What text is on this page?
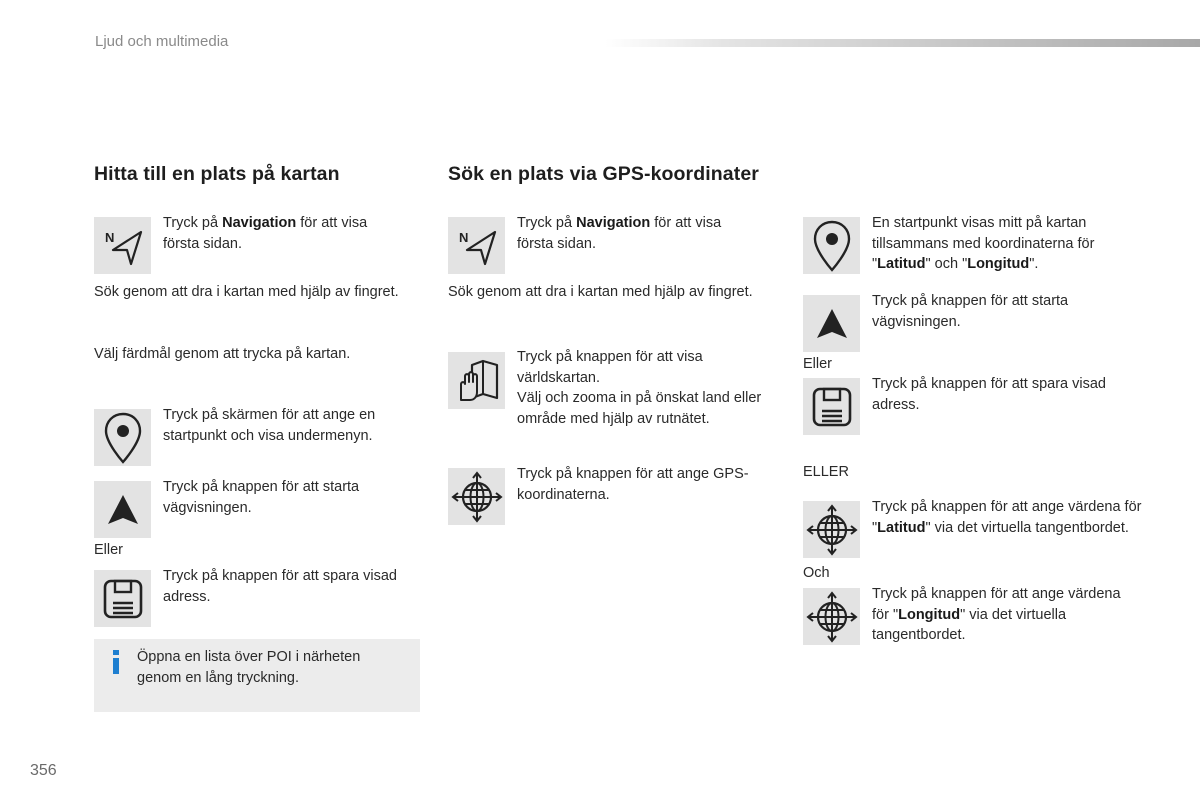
Ljud och multimedia
Hitta till en plats på kartan	Sök en plats via GPS-koordinater
N
Tryck på Navigation för att visa första sidan.
Sök genom att dra i kartan med hjälp av fingret.
Välj färdmål genom att trycka på kartan.
Tryck på skärmen för att ange en startpunkt och visa undermenyn.
Tryck på knappen för att starta vägvisningen.
Eller
Tryck på knappen för att spara visad adress.
Öppna en lista över POI i närheten genom en lång tryckning.
N
Tryck på Navigation för att visa första sidan.
Sök genom att dra i kartan med hjälp av fingret.
Tryck på knappen för att visa världskartan.
Välj och zooma in på önskat land eller område med hjälp av rutnätet.
Tryck på knappen för att ange GPS-koordinaterna.
En startpunkt visas mitt på kartan tillsammans med koordinaterna för "Latitud" och "Longitud".
Tryck på knappen för att starta vägvisningen.
Eller
Tryck på knappen för att spara visad adress.
ELLER
Tryck på knappen för att ange värdena för "Latitud" via det virtuella tangentbordet.
Och
Tryck på knappen för att ange värdena för "Longitud" via det virtuella tangentbordet.
356
